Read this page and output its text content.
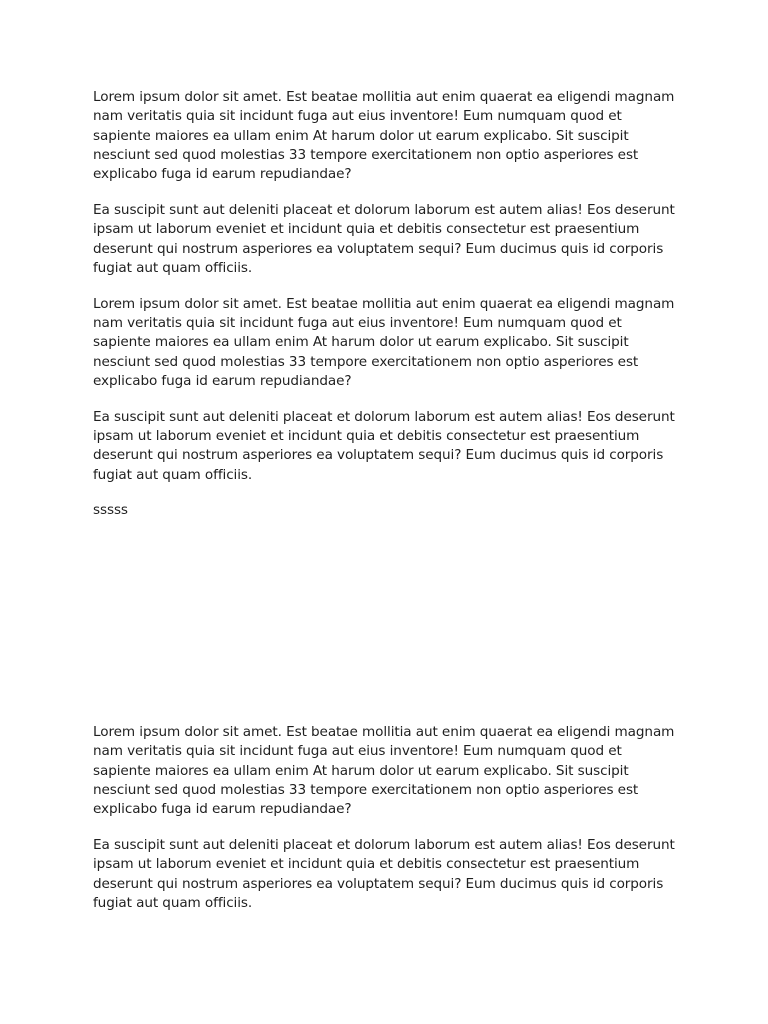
Lorem ipsum dolor sit amet. Est beatae mollitia aut enim quaerat ea eligendi magnam nam veritatis quia sit incidunt fuga aut eius inventore! Eum numquam quod et sapiente maiores ea ullam enim At harum dolor ut earum explicabo. Sit suscipit nesciunt sed quod molestias 33 tempore exercitationem non optio asperiores est explicabo fuga id earum repudiandae?

Ea suscipit sunt aut deleniti placeat et dolorum laborum est autem alias! Eos deserunt ipsam ut laborum eveniet et incidunt quia et debitis consectetur est praesentium deserunt qui nostrum asperiores ea voluptatem sequi? Eum ducimus quis id corporis fugiat aut quam officiis.

Lorem ipsum dolor sit amet. Est beatae mollitia aut enim quaerat ea eligendi magnam nam veritatis quia sit incidunt fuga aut eius inventore! Eum numquam quod et sapiente maiores ea ullam enim At harum dolor ut earum explicabo. Sit suscipit nesciunt sed quod molestias 33 tempore exercitationem non optio asperiores est explicabo fuga id earum repudiandae?

Ea suscipit sunt aut deleniti placeat et dolorum laborum est autem alias! Eos deserunt ipsam ut laborum eveniet et incidunt quia et debitis consectetur est praesentium deserunt qui nostrum asperiores ea voluptatem sequi? Eum ducimus quis id corporis fugiat aut quam officiis.

sssss

Lorem ipsum dolor sit amet. Est beatae mollitia aut enim quaerat ea eligendi magnam nam veritatis quia sit incidunt fuga aut eius inventore! Eum numquam quod et sapiente maiores ea ullam enim At harum dolor ut earum explicabo. Sit suscipit nesciunt sed quod molestias 33 tempore exercitationem non optio asperiores est explicabo fuga id earum repudiandae?

Ea suscipit sunt aut deleniti placeat et dolorum laborum est autem alias! Eos deserunt ipsam ut laborum eveniet et incidunt quia et debitis consectetur est praesentium deserunt qui nostrum asperiores ea voluptatem sequi? Eum ducimus quis id corporis fugiat aut quam officiis.
